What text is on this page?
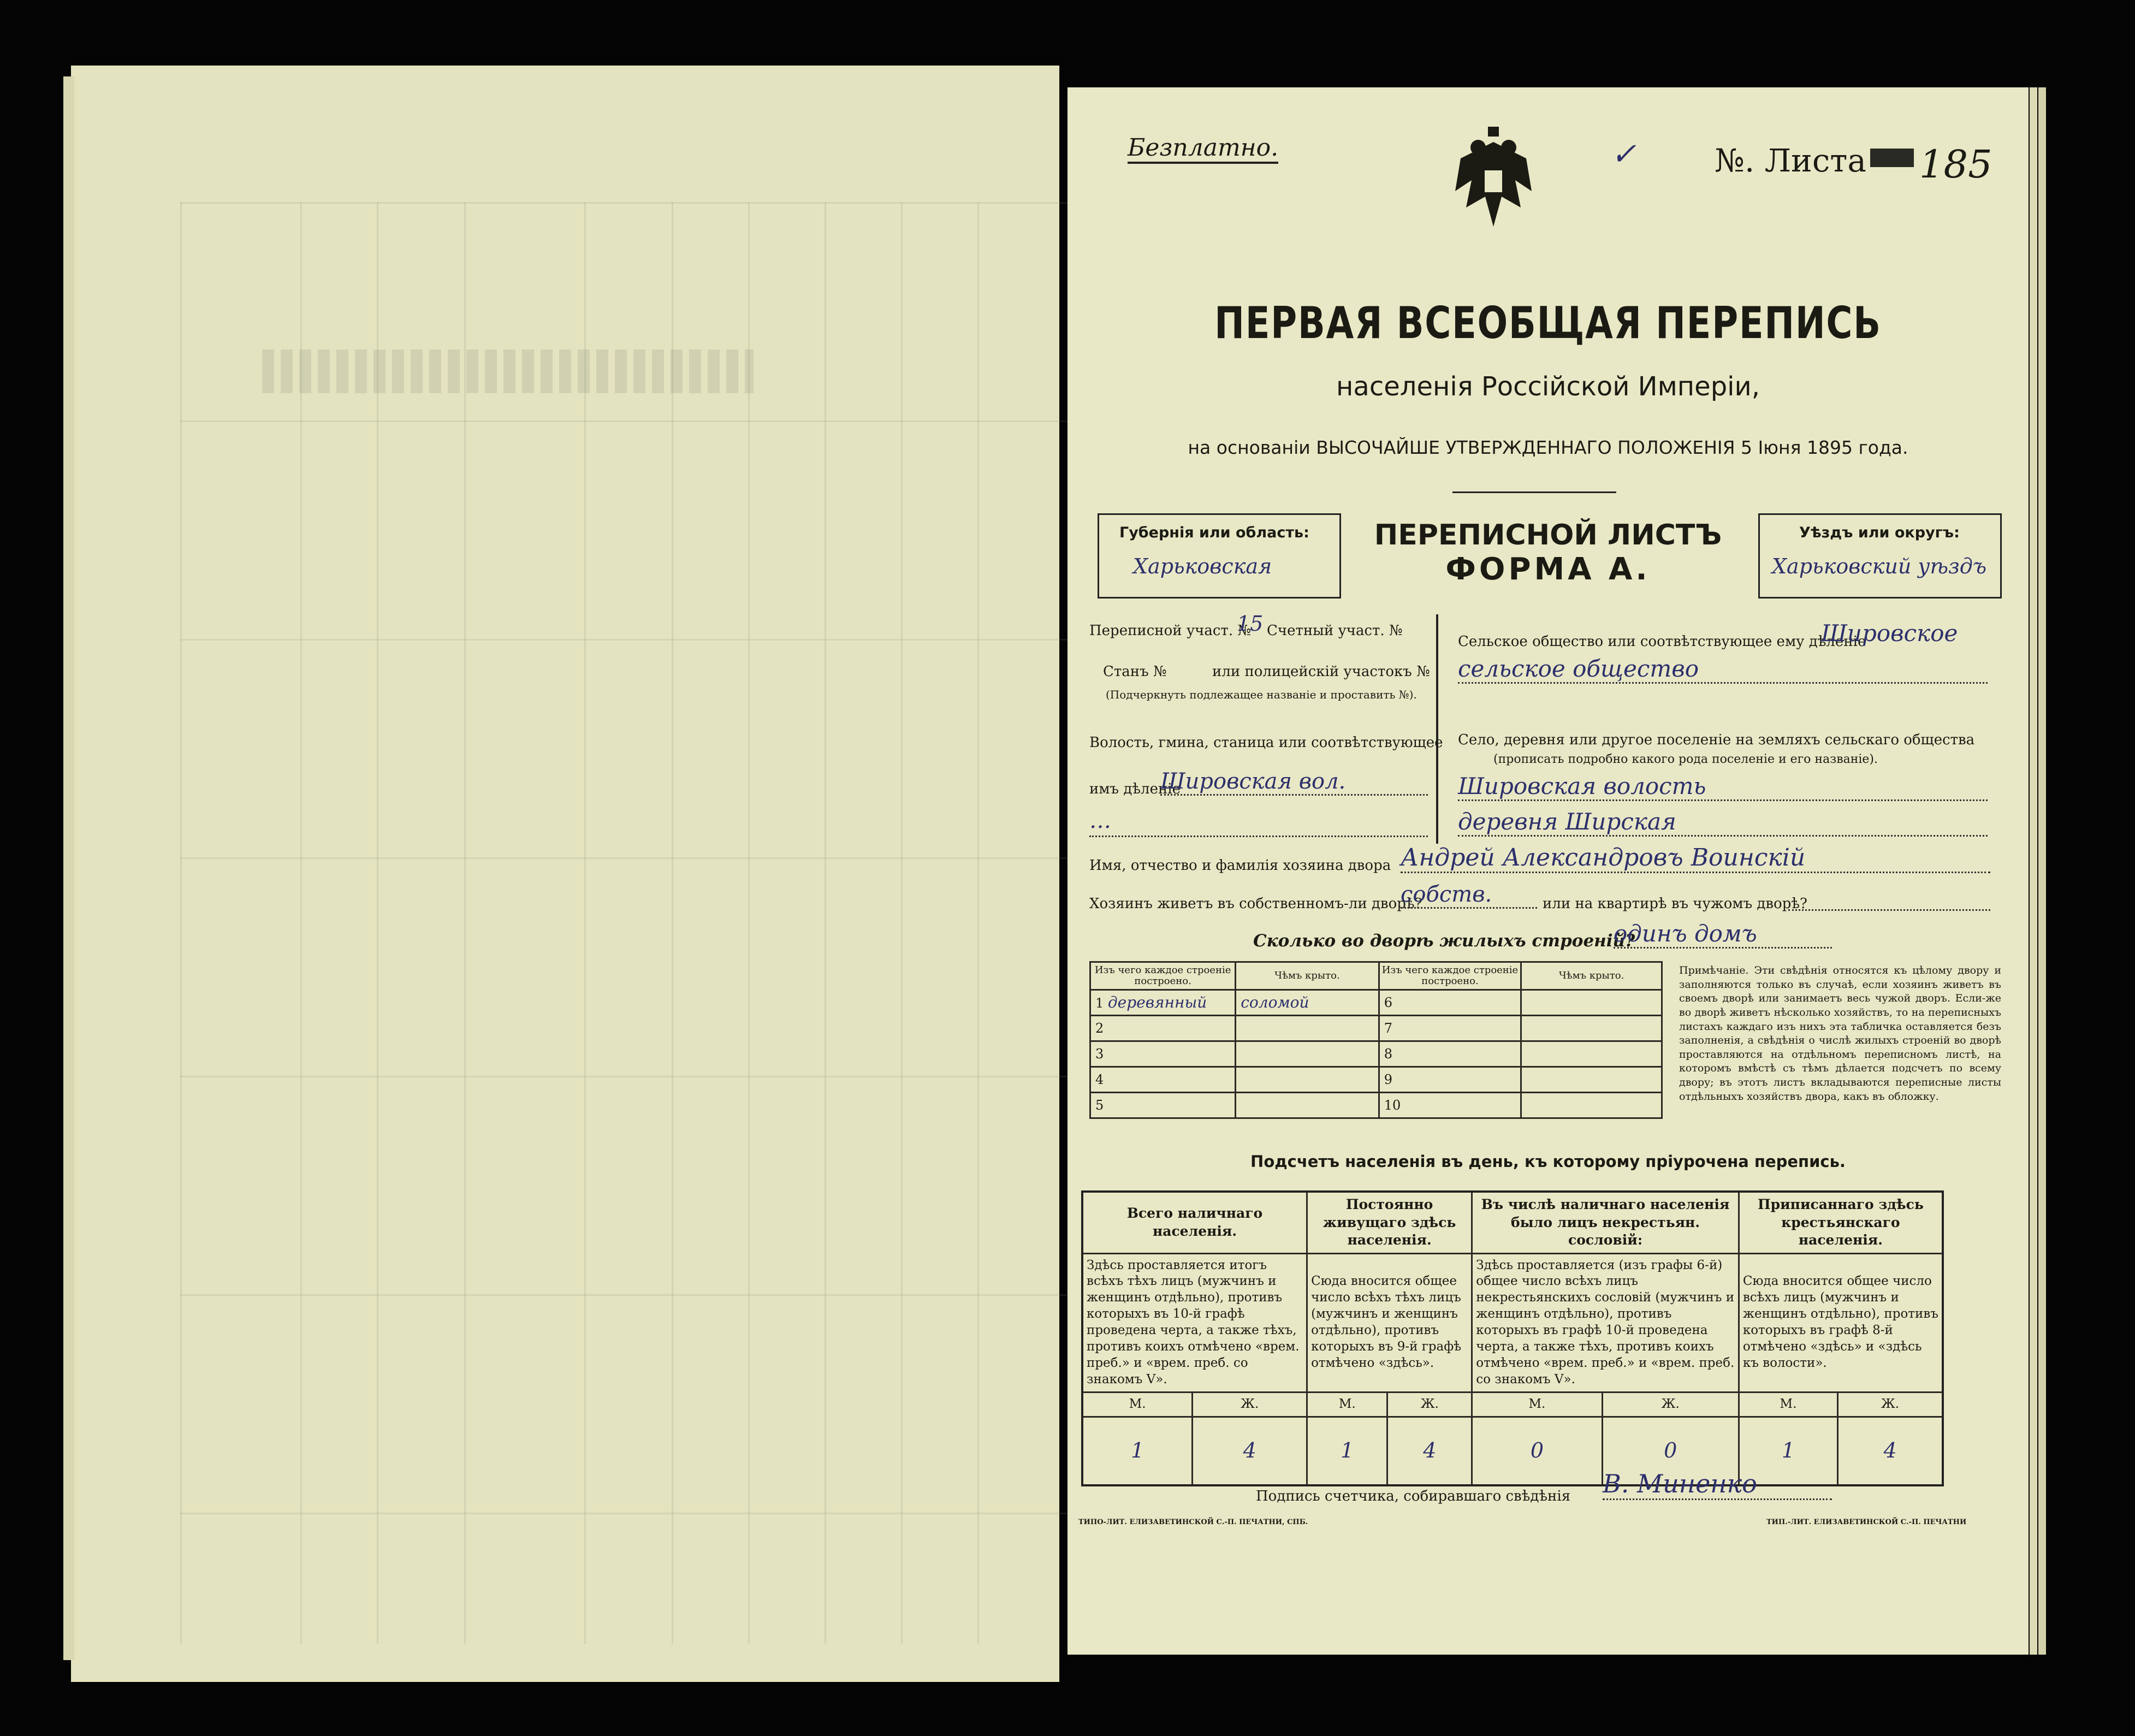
Безплатно.	✓ №. Листа 185
ПЕРВАЯ ВСЕОБЩАЯ ПЕРЕПИСЬ
населенія Россійской Имперіи,
на основаніи ВЫСОЧАЙШЕ УТВЕРЖДЕННАГО ПОЛОЖЕНІЯ 5 Іюня 1895 года.
Губернія или область:
Харьковская
ПЕРЕПИСНОЙ ЛИСТЪ
ФОРМА А.
Уѣздъ или округъ:
Харьковский уѣздъ
Переписной участ. №
15 Счетный участ. №
Станъ №	или полицейскій участокъ №
(Подчеркнуть подлежащее названіе и проставить №).
Волость, гмина, станица или соотвѣтствующее
имъ дѣленіе
Шировская вол.
…
Сельское общество или соотвѣтствующее ему дѣленіе
Шировское
сельское общество
Село, деревня или другое поселеніе на земляхъ сельскаго общества
(прописать подробно какого рода поселеніе и его названіе).
Шировская волость
деревня Ширская
Имя, отчество и фамилія хозяина двора Андрей Александровъ Воинскій
Хозяинъ живетъ въ собственномъ-ли дворѣ?
собств.	или на квартирѣ въ чужомъ дворѣ?
Сколько во дворѣ жилыхъ строеній?
одинъ домъ
Изъ чего каждое строеніе построено.	Чѣмъ крыто.	Изъ чего каждое строеніе построено.	Чѣмъ крыто.
1 деревянный	соломой	6	
2		7	
3		8	
4		9	
5		10	
Примѣчаніе. Эти свѣдѣнія относятся къ цѣлому двору и заполняются только въ случаѣ, если хозяинъ живетъ въ своемъ дворѣ или занимаетъ весь чужой дворъ. Если-же во дворѣ живетъ нѣсколько хозяйствъ, то на переписныхъ листахъ каждаго изъ нихъ эта табличка оставляется безъ заполненія, а свѣдѣнія о числѣ жилыхъ строеній во дворѣ проставляются на отдѣльномъ переписномъ листѣ, на которомъ вмѣстѣ съ тѣмъ дѣлается подсчетъ по всему двору; въ этотъ листъ вкладываются переписные листы отдѣльныхъ хозяйствъ двора, какъ въ обложку.
Подсчетъ населенія въ день, къ которому пріурочена перепись.
Всего наличнаго населенія.		Постоянно живущаго здѣсь населенія.		Въ числѣ наличнаго населенія было лицъ некрестьян. сословій:		Приписаннаго здѣсь крестьянскаго населенія.	
Здѣсь проставляется итогъ всѣхъ тѣхъ лицъ (мужчинъ и женщинъ отдѣльно), противъ которыхъ въ 10-й графѣ проведена черта, а также тѣхъ, противъ коихъ отмѣчено «врем. преб.» и «врем. преб. со знакомъ V».		Сюда вносится общее число всѣхъ тѣхъ лицъ (мужчинъ и женщинъ отдѣльно), противъ которыхъ въ 9-й графѣ отмѣчено «здѣсь».		Здѣсь проставляется (изъ графы 6-й) общее число всѣхъ лицъ некрестьянскихъ сословій (мужчинъ и женщинъ отдѣльно), противъ которыхъ въ графѣ 10-й проведена черта, а также тѣхъ, противъ коихъ отмѣчено «врем. преб.» и «врем. преб. со знакомъ V».		Сюда вносится общее число всѣхъ лицъ (мужчинъ и женщинъ отдѣльно), противъ которыхъ въ графѣ 8-й отмѣчено «здѣсь» и «здѣсь къ волости».	
М.	Ж.	М.	Ж.	М.	Ж.	М.	Ж.
1	4	1	4	0	0	1	4
Подпись счетчика, собиравшаго свѣдѣнія В. Миненко
ТИПО-ЛИТ. ЕЛИЗАВЕТИНСКОЙ С.-П. ПЕЧАТНИ, СПБ.	ТИП.-ЛИТ. ЕЛИЗАВЕТИНСКОЙ С.-П. ПЕЧАТНИ
